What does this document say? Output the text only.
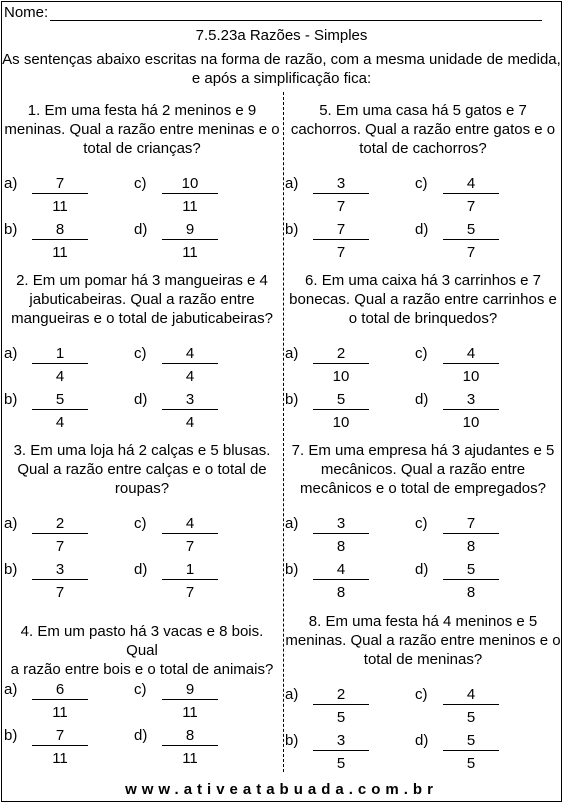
Nome:
7.5.23a Razões - Simples
As sentenças abaixo escritas na forma de razão, com a mesma unidade de medida,
e após a simplificação fica:
1. Em uma festa há 2 meninos e 9
meninas. Qual a razão entre meninas e o
total de crianças?
a)	7
11
b)	8
11
c)	10
11
d)	9
11
2. Em um pomar há 3 mangueiras e 4
jabuticabeiras. Qual a razão entre
mangueiras e o total de jabuticabeiras?
a)	1
4
b)	5
4
c)	4
4
d)	3
4
3. Em uma loja há 2 calças e 5 blusas.
Qual a razão entre calças e o total de
roupas?
a)	2
7
b)	3
7
c)	4
7
d)	1
7
4. Em um pasto há 3 vacas e 8 bois. Qual
a razão entre bois e o total de animais?
a)	6
11
b)	7
11
c)	9
11
d)	8
11
5. Em uma casa há 5 gatos e 7
cachorros. Qual a razão entre gatos e o
total de cachorros?
a)	3
7
b)	7
7
c)	4
7
d)	5
7
6. Em uma caixa há 3 carrinhos e 7
bonecas. Qual a razão entre carrinhos e
o total de brinquedos?
a)	2
10
b)	5
10
c)	4
10
d)	3
10
7. Em uma empresa há 3 ajudantes e 5
mecânicos. Qual a razão entre
mecânicos e o total de empregados?
a)	3
8
b)	4
8
c)	7
8
d)	5
8
8. Em uma festa há 4 meninos e 5
meninas. Qual a razão entre meninos e o
total de meninas?
a)	2
5
b)	3
5
c)	4
5
d)	5
5
www.ativeatabuada.com.br
